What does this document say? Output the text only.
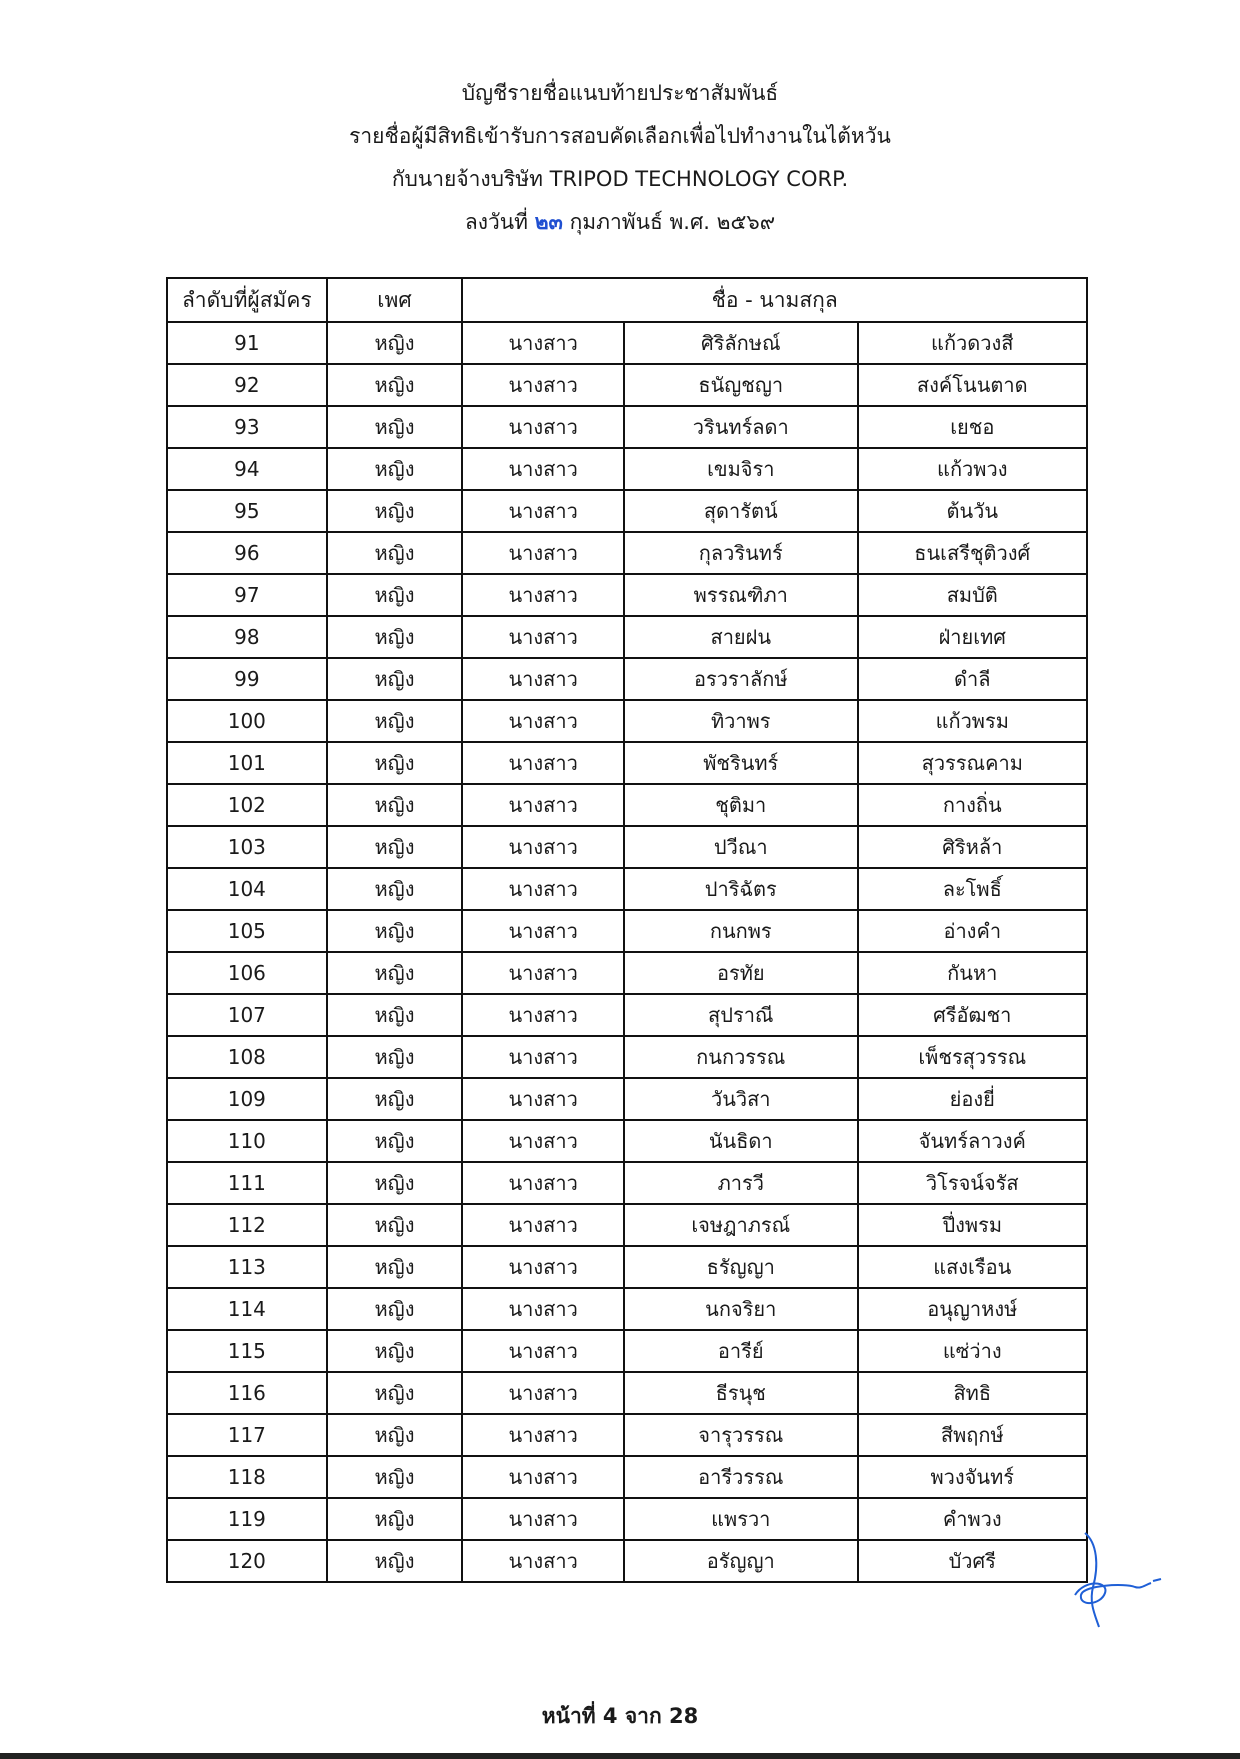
บัญชีรายชื่อแนบท้ายประชาสัมพันธ์
รายชื่อผู้มีสิทธิเข้ารับการสอบคัดเลือกเพื่อไปทำงานในไต้หวัน
กับนายจ้างบริษัท TRIPOD TECHNOLOGY CORP.
ลงวันที่ ๒๓ กุมภาพันธ์ พ.ศ. ๒๕๖๙
ลำดับที่ผู้สมัคร	เพศ	ชื่อ - นามสกุล		
91	หญิง	นางสาว	ศิริลักษณ์	แก้วดวงสี
92	หญิง	นางสาว	ธนัญชญา	สงค์โนนตาด
93	หญิง	นางสาว	วรินทร์ลดา	เยชอ
94	หญิง	นางสาว	เขมจิรา	แก้วพวง
95	หญิง	นางสาว	สุดารัตน์	ต้นวัน
96	หญิง	นางสาว	กุลวรินทร์	ธนเสรีชุติวงศ์
97	หญิง	นางสาว	พรรณฑิภา	สมบัติ
98	หญิง	นางสาว	สายฝน	ฝ่ายเทศ
99	หญิง	นางสาว	อรวราลักษ์	ดำลี
100	หญิง	นางสาว	ทิวาพร	แก้วพรม
101	หญิง	นางสาว	พัชรินทร์	สุวรรณคาม
102	หญิง	นางสาว	ชุติมา	กางถิ่น
103	หญิง	นางสาว	ปวีณา	ศิริหล้า
104	หญิง	นางสาว	ปาริฉัตร	ละโพธิ์
105	หญิง	นางสาว	กนกพร	อ่างคำ
106	หญิง	นางสาว	อรทัย	กันหา
107	หญิง	นางสาว	สุปราณี	ศรีอัฒชา
108	หญิง	นางสาว	กนกวรรณ	เพ็ชรสุวรรณ
109	หญิง	นางสาว	วันวิสา	ย่องยี่
110	หญิง	นางสาว	นันธิดา	จันทร์ลาวงค์
111	หญิง	นางสาว	ภารวี	วิโรจน์จรัส
112	หญิง	นางสาว	เจษฎาภรณ์	ปึ่งพรม
113	หญิง	นางสาว	ธรัญญา	แสงเรือน
114	หญิง	นางสาว	นกจริยา	อนุญาหงษ์
115	หญิง	นางสาว	อารีย์	แซ่ว่าง
116	หญิง	นางสาว	ธีรนุช	สิทธิ
117	หญิง	นางสาว	จารุวรรณ	สีพฤกษ์
118	หญิง	นางสาว	อารีวรรณ	พวงจันทร์
119	หญิง	นางสาว	แพรวา	คำพวง
120	หญิง	นางสาว	อรัญญา	บัวศรี
หน้าที่ 4 จาก 28
